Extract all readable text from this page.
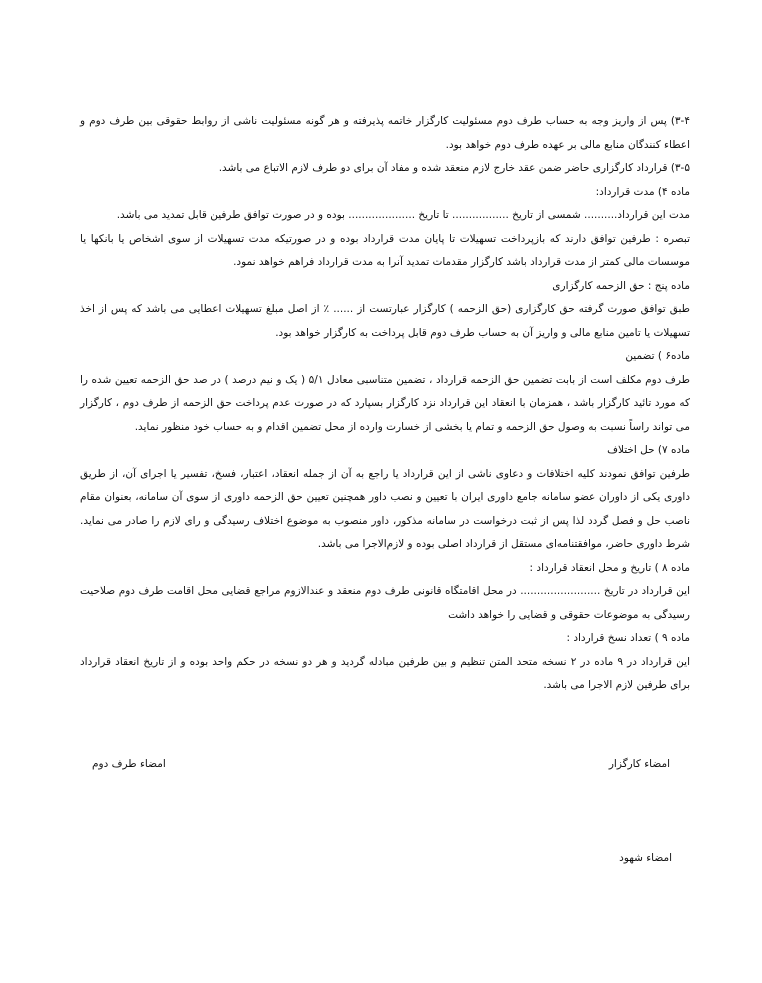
۳-۴) پس از واریز وجه به حساب طرف دوم مسئولیت کارگزار خاتمه پذیرفته و هر گونه مسئولیت ناشی از روابط حقوقی بین طرف دوم و اعطاء کنندگان منابع مالی بر عهده طرف دوم خواهد بود.

۳-۵) قرارداد کارگزاری حاضر ضمن عقد خارج لازم منعقد شده و مفاد آن برای دو طرف لازم الاتباع می باشد.

ماده ۴) مدت قرارداد:

مدت این قرارداد.......... شمسی از تاریخ ................. تا تاریخ .................... بوده و در صورت توافق طرفین قابل تمدید می باشد.

تبصره : طرفین توافق دارند که بازپرداخت تسهیلات تا پایان مدت قرارداد بوده و در صورتیکه مدت تسهیلات از سوی اشخاص یا بانکها یا موسسات مالی کمتر از مدت قرارداد باشد کارگزار مقدمات تمدید آنرا به مدت قرارداد فراهم خواهد نمود.

ماده پنج : حق الزحمه کارگزاری

طبق توافق صورت گرفته حق کارگزاری (حق الزحمه ) کارگزار عبارتست از ...... ٪ از اصل مبلغ تسهیلات اعطایی می باشد که پس از اخذ تسهیلات یا تامین منابع مالی و واریز آن به حساب طرف دوم قابل پرداخت به کارگزار خواهد بود.

ماده۶ ) تضمین

طرف دوم مکلف است از بابت تضمین حق الزحمه قرارداد ، تضمین متناسبی معادل ۵/۱ ( یک و نیم درصد ) در صد حق الزحمه تعیین شده را که مورد تائید کارگزار باشد ، همزمان با انعقاد این قرارداد نزد کارگزار بسپارد که در صورت عدم پرداخت حق الزحمه از طرف دوم ، کارگزار می تواند راساً نسبت به وصول حق الزحمه و تمام یا بخشی از خسارت وارده از محل تضمین اقدام و به حساب خود منظور نماید.

ماده ۷) حل اختلاف

طرفین توافق نمودند کلیه اختلافات و دعاوی ناشی از این قرارداد یا راجع به آن از جمله انعقاد، اعتبار، فسخ، تفسیر یا اجرای آن، از طریق داوری یکی از داوران عضو سامانه جامع داوری ایران با تعیین و نصب داور همچنین تعیین حق الزحمه داوری از سوی آن سامانه، بعنوان مقام ناصب حل و فصل گردد لذا پس از ثبت درخواست در سامانه مذکور، داور منصوب به موضوع اختلاف رسیدگی و رای لازم را صادر می نماید. شرط داوری حاضر، موافقتنامه‌ای مستقل از قرارداد اصلی بوده و لازم‌الاجرا می باشد.

ماده ۸ ) تاریخ و محل انعقاد قرارداد :

این قرارداد در تاریخ ........................ در محل اقامتگاه قانونی طرف دوم منعقد و عندالازوم مراجع قضایی محل اقامت طرف دوم صلاحیت رسیدگی به موضوعات حقوقی و قضایی را خواهد داشت

ماده ۹ ) تعداد نسخ قرارداد :

این قرارداد در ۹ ماده در ۲ نسخه متحد المتن تنظیم و بین طرفین مبادله گردید و هر دو نسخه در حکم واحد بوده و از تاریخ انعقاد قرارداد برای طرفین لازم الاجرا می باشد.

امضاء کارگزار
امضاء طرف دوم
امضاء شهود
